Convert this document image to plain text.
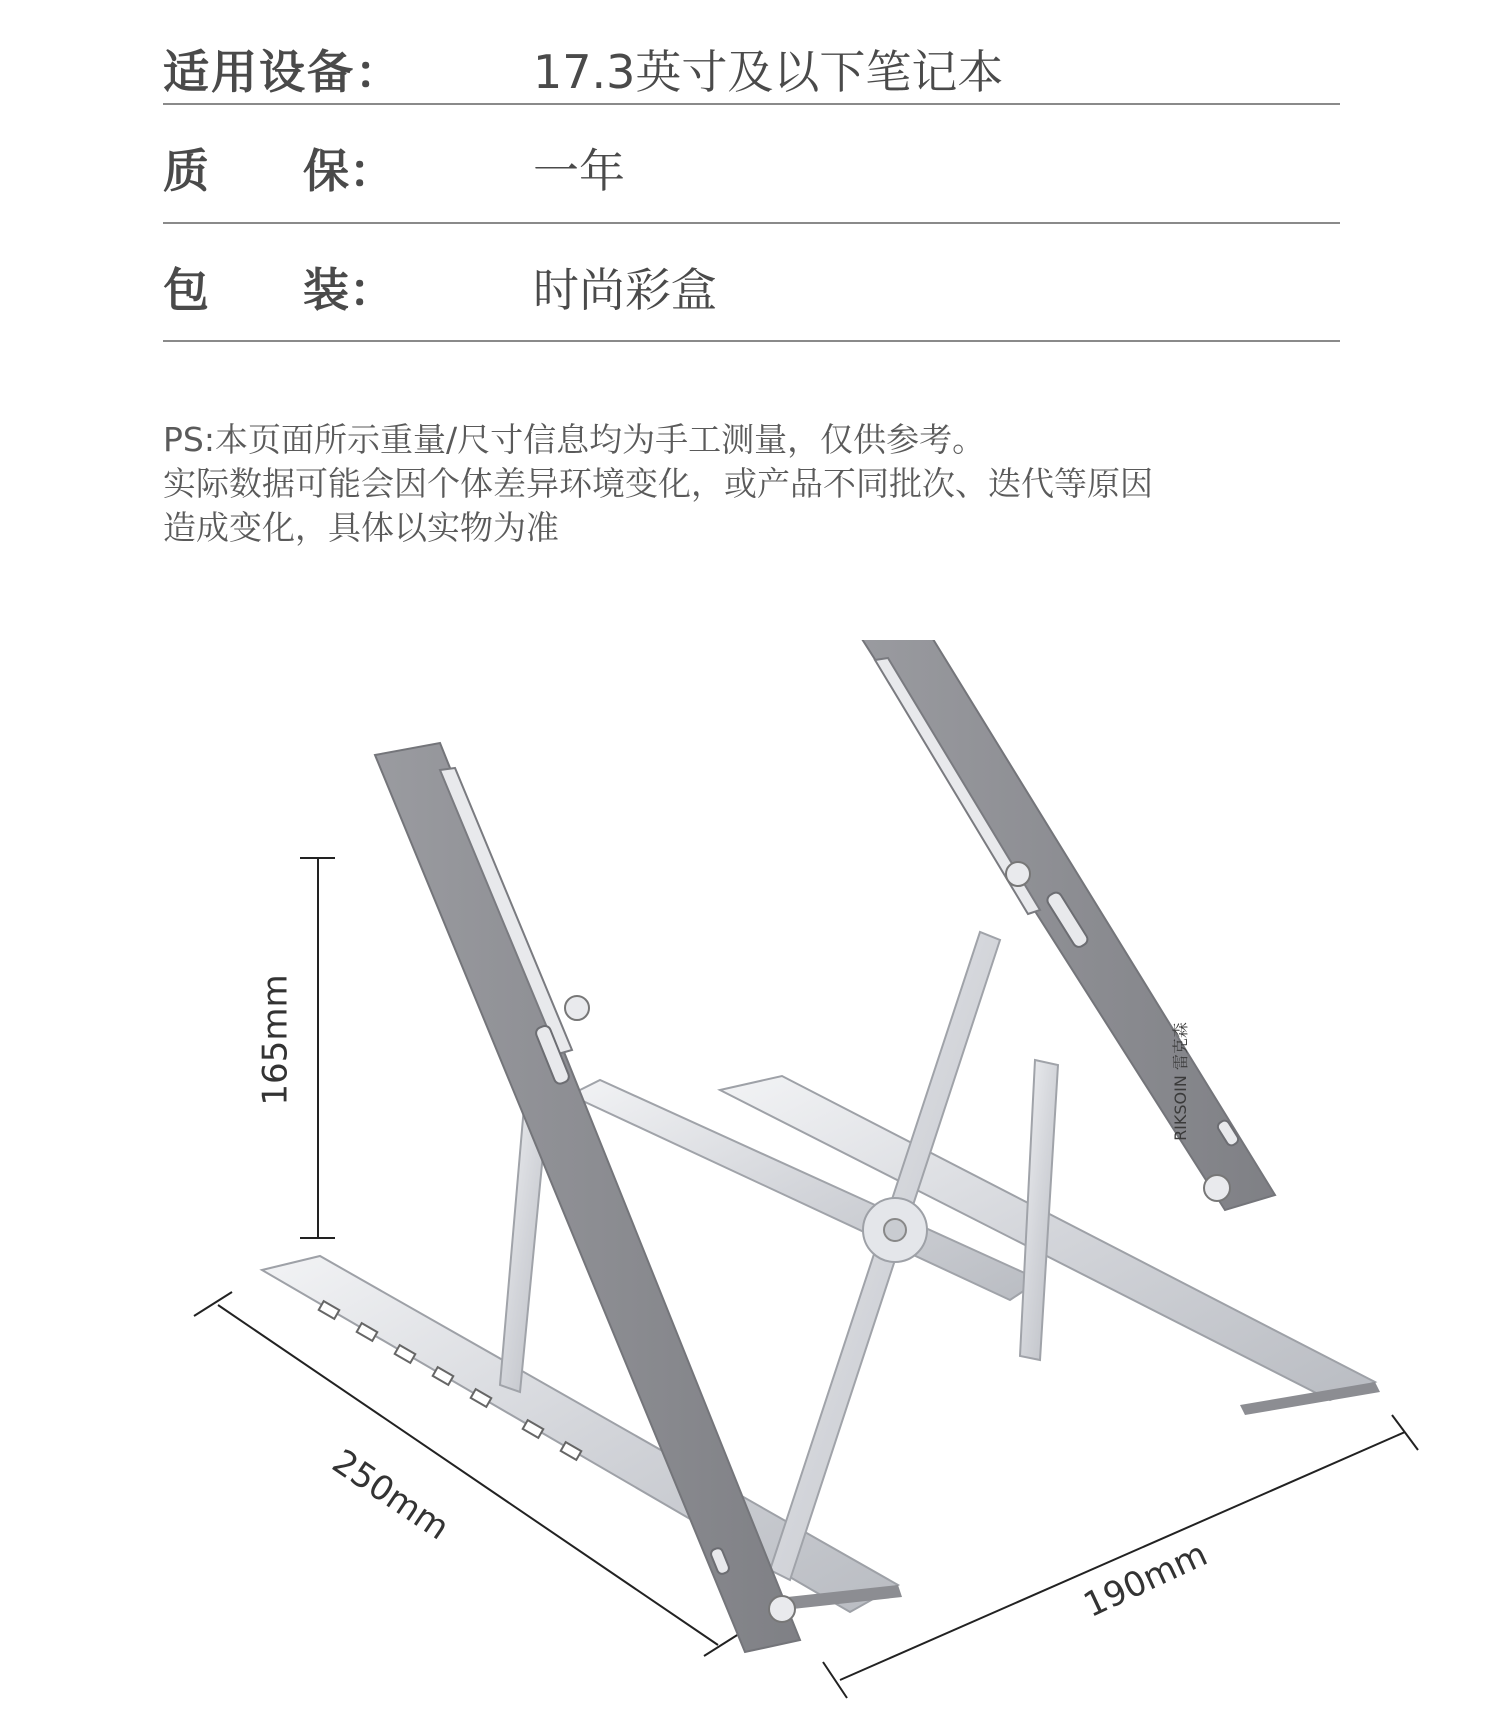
适用设备：	17.3英寸及以下笔记本
质 保：	一年
包 装：	时尚彩盒

PS:本页面所示重量/尺寸信息均为手工测量，仅供参考。

实际数据可能会因个体差异环境变化，或产品不同批次、迭代等原因

造成变化，具体以实物为准

165mm
250mm
190mm
RIKSOIN 雷克森
